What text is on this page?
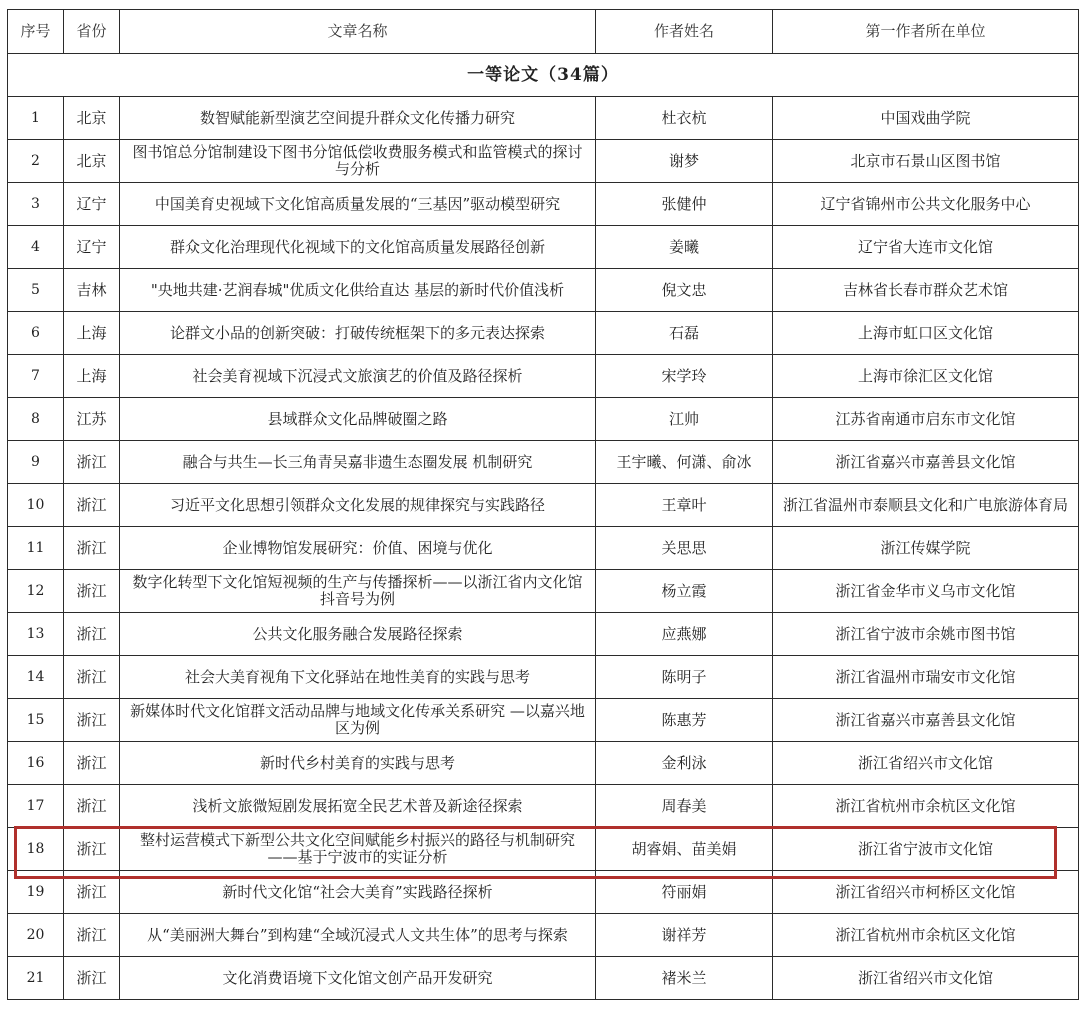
序号	省份	文章名称	作者姓名	第一作者所在单位
一等论文（34篇）				
1	北京	数智赋能新型演艺空间提升群众文化传播力研究	杜衣杭	中国戏曲学院
2	北京	图书馆总分馆制建设下图书分馆低偿收费服务模式和监管模式的探讨与分析	谢梦	北京市石景山区图书馆
3	辽宁	中国美育史视域下文化馆高质量发展的“三基因”驱动模型研究	张健仲	辽宁省锦州市公共文化服务中心
4	辽宁	群众文化治理现代化视域下的文化馆高质量发展路径创新	姜曦	辽宁省大连市文化馆
5	吉林	"央地共建·艺润春城"优质文化供给直达 基层的新时代价值浅析	倪文忠	吉林省长春市群众艺术馆
6	上海	论群文小品的创新突破：打破传统框架下的多元表达探索	石磊	上海市虹口区文化馆
7	上海	社会美育视域下沉浸式文旅演艺的价值及路径探析	宋学玲	上海市徐汇区文化馆
8	江苏	县域群众文化品牌破圈之路	江帅	江苏省南通市启东市文化馆
9	浙江	融合与共生—长三角青吴嘉非遗生态圈发展 机制研究	王宇曦、何潇、俞冰	浙江省嘉兴市嘉善县文化馆
10	浙江	习近平文化思想引领群众文化发展的规律探究与实践路径	王章叶	浙江省温州市泰顺县文化和广电旅游体育局
11	浙江	企业博物馆发展研究：价值、困境与优化	关思思	浙江传媒学院
12	浙江	数字化转型下文化馆短视频的生产与传播探析——以浙江省内文化馆抖音号为例	杨立霞	浙江省金华市义乌市文化馆
13	浙江	公共文化服务融合发展路径探索	应燕娜	浙江省宁波市余姚市图书馆
14	浙江	社会大美育视角下文化驿站在地性美育的实践与思考	陈明子	浙江省温州市瑞安市文化馆
15	浙江	新媒体时代文化馆群文活动品牌与地域文化传承关系研究 —以嘉兴地区为例	陈惠芳	浙江省嘉兴市嘉善县文化馆
16	浙江	新时代乡村美育的实践与思考	金利泳	浙江省绍兴市文化馆
17	浙江	浅析文旅微短剧发展拓宽全民艺术普及新途径探索	周春美	浙江省杭州市余杭区文化馆
18	浙江	整村运营模式下新型公共文化空间赋能乡村振兴的路径与机制研究——基于宁波市的实证分析	胡睿娟、苗美娟	浙江省宁波市文化馆
19	浙江	新时代文化馆“社会大美育”实践路径探析	符丽娟	浙江省绍兴市柯桥区文化馆
20	浙江	从“美丽洲大舞台”到构建“全域沉浸式人文共生体”的思考与探索	谢祥芳	浙江省杭州市余杭区文化馆
21	浙江	文化消费语境下文化馆文创产品开发研究	褚米兰	浙江省绍兴市文化馆
